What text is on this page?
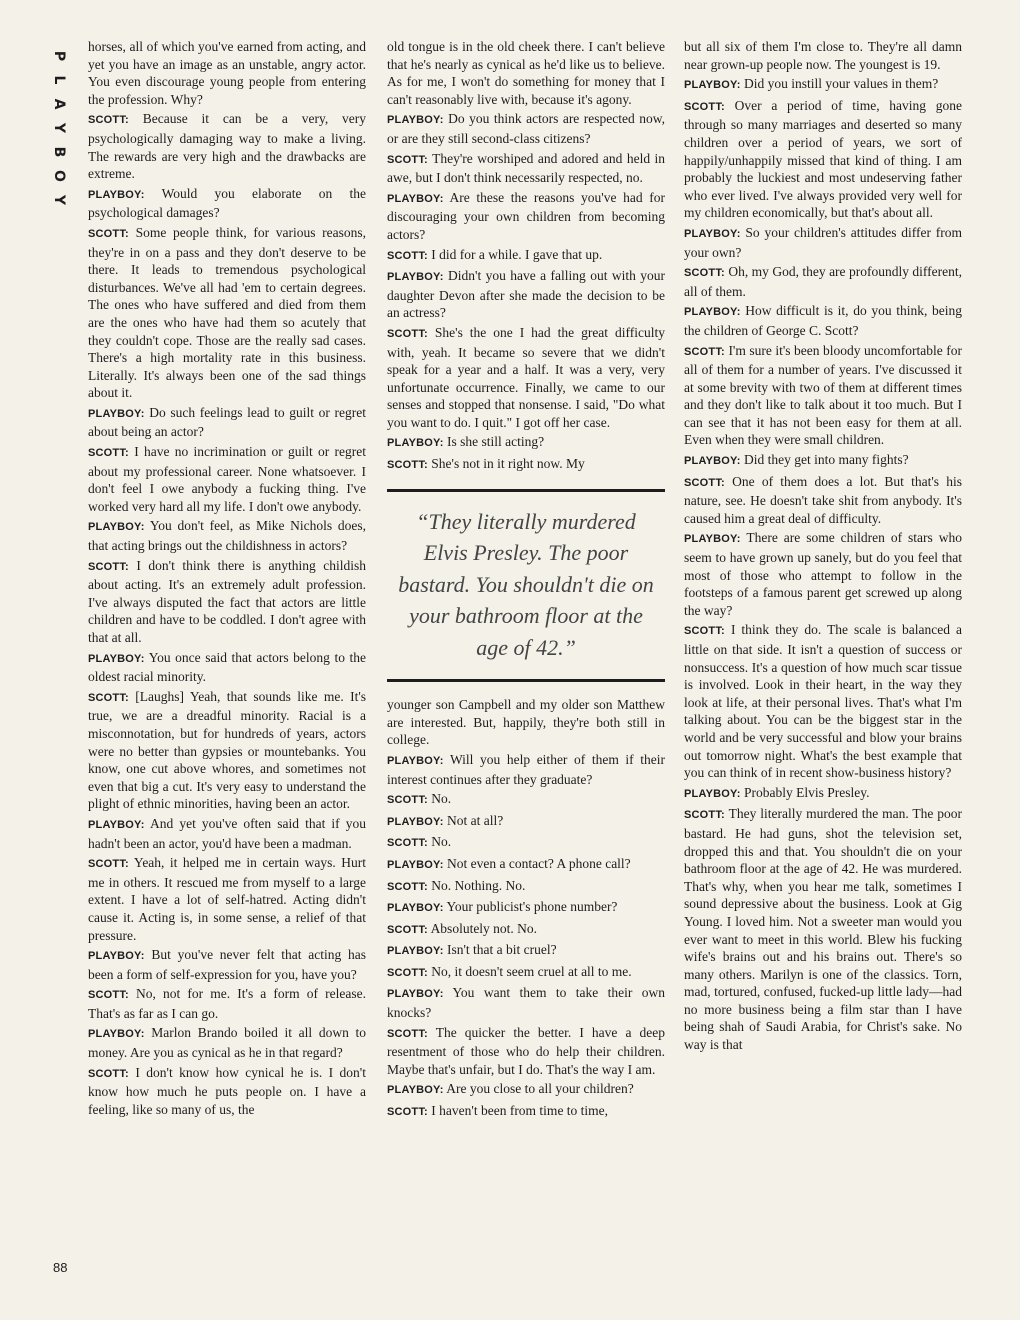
P
L
A
Y
B
O
Y

horses, all of which you've earned from acting, and yet you have an image as an unstable, angry actor. You even discourage young people from entering the profession. Why?

SCOTT: Because it can be a very, very psychologically damaging way to make a living. The rewards are very high and the drawbacks are extreme.

PLAYBOY: Would you elaborate on the psychological damages?

SCOTT: Some people think, for various reasons, they're in on a pass and they don't deserve to be there. It leads to tremendous psychological disturbances. We've all had 'em to certain degrees. The ones who have suffered and died from them are the ones who have had them so acutely that they couldn't cope. Those are the really sad cases. There's a high mortality rate in this business. Literally. It's always been one of the sad things about it.

PLAYBOY: Do such feelings lead to guilt or regret about being an actor?

SCOTT: I have no incrimination or guilt or regret about my professional career. None whatsoever. I don't feel I owe anybody a fucking thing. I've worked very hard all my life. I don't owe anybody.

PLAYBOY: You don't feel, as Mike Nichols does, that acting brings out the childishness in actors?

SCOTT: I don't think there is anything childish about acting. It's an extremely adult profession. I've always disputed the fact that actors are little children and have to be coddled. I don't agree with that at all.

PLAYBOY: You once said that actors belong to the oldest racial minority.

SCOTT: [Laughs] Yeah, that sounds like me. It's true, we are a dreadful minority. Racial is a misconnotation, but for hundreds of years, actors were no better than gypsies or mountebanks. You know, one cut above whores, and sometimes not even that big a cut. It's very easy to understand the plight of ethnic minorities, having been an actor.

PLAYBOY: And yet you've often said that if you hadn't been an actor, you'd have been a madman.

SCOTT: Yeah, it helped me in certain ways. Hurt me in others. It rescued me from myself to a large extent. I have a lot of self-hatred. Acting didn't cause it. Acting is, in some sense, a relief of that pressure.

PLAYBOY: But you've never felt that acting has been a form of self-expression for you, have you?

SCOTT: No, not for me. It's a form of release. That's as far as I can go.

PLAYBOY: Marlon Brando boiled it all down to money. Are you as cynical as he in that regard?

SCOTT: I don't know how cynical he is. I don't know how much he puts people on. I have a feeling, like so many of us, the

old tongue is in the old cheek there. I can't believe that he's nearly as cynical as he'd like us to believe. As for me, I won't do something for money that I can't reasonably live with, because it's agony.

PLAYBOY: Do you think actors are respected now, or are they still second-class citizens?

SCOTT: They're worshiped and adored and held in awe, but I don't think necessarily respected, no.

PLAYBOY: Are these the reasons you've had for discouraging your own children from becoming actors?

SCOTT: I did for a while. I gave that up.

PLAYBOY: Didn't you have a falling out with your daughter Devon after she made the decision to be an actress?

SCOTT: She's the one I had the great difficulty with, yeah. It became so severe that we didn't speak for a year and a half. It was a very, very unfortunate occurrence. Finally, we came to our senses and stopped that nonsense. I said, "Do what you want to do. I quit." I got off her case.

PLAYBOY: Is she still acting?

SCOTT: She's not in it right now. My

“They literally murdered Elvis Presley. The poor bastard. You shouldn't die on your bathroom floor at the age of 42.”

younger son Campbell and my older son Matthew are interested. But, happily, they're both still in college.

PLAYBOY: Will you help either of them if their interest continues after they graduate?

SCOTT: No.

PLAYBOY: Not at all?

SCOTT: No.

PLAYBOY: Not even a contact? A phone call?

SCOTT: No. Nothing. No.

PLAYBOY: Your publicist's phone number?

SCOTT: Absolutely not. No.

PLAYBOY: Isn't that a bit cruel?

SCOTT: No, it doesn't seem cruel at all to me.

PLAYBOY: You want them to take their own knocks?

SCOTT: The quicker the better. I have a deep resentment of those who do help their children. Maybe that's unfair, but I do. That's the way I am.

PLAYBOY: Are you close to all your children?

SCOTT: I haven't been from time to time,

but all six of them I'm close to. They're all damn near grown-up people now. The youngest is 19.

PLAYBOY: Did you instill your values in them?

SCOTT: Over a period of time, having gone through so many marriages and deserted so many children over a period of years, we sort of happily/unhappily missed that kind of thing. I am probably the luckiest and most undeserving father who ever lived. I've always provided very well for my children economically, but that's about all.

PLAYBOY: So your children's attitudes differ from your own?

SCOTT: Oh, my God, they are profoundly different, all of them.

PLAYBOY: How difficult is it, do you think, being the children of George C. Scott?

SCOTT: I'm sure it's been bloody uncomfortable for all of them for a number of years. I've discussed it at some brevity with two of them at different times and they don't like to talk about it too much. But I can see that it has not been easy for them at all. Even when they were small children.

PLAYBOY: Did they get into many fights?

SCOTT: One of them does a lot. But that's his nature, see. He doesn't take shit from anybody. It's caused him a great deal of difficulty.

PLAYBOY: There are some children of stars who seem to have grown up sanely, but do you feel that most of those who attempt to follow in the footsteps of a famous parent get screwed up along the way?

SCOTT: I think they do. The scale is balanced a little on that side. It isn't a question of success or nonsuccess. It's a question of how much scar tissue is involved. Look in their heart, in the way they look at life, at their personal lives. That's what I'm talking about. You can be the biggest star in the world and be very successful and blow your brains out tomorrow night. What's the best example that you can think of in recent show-business history?

PLAYBOY: Probably Elvis Presley.

SCOTT: They literally murdered the man. The poor bastard. He had guns, shot the television set, dropped this and that. You shouldn't die on your bathroom floor at the age of 42. He was murdered. That's why, when you hear me talk, sometimes I sound depressive about the business. Look at Gig Young. I loved him. Not a sweeter man would you ever want to meet in this world. Blew his fucking wife's brains out and his brains out. There's so many others. Marilyn is one of the classics. Torn, mad, tortured, confused, fucked-up little lady—had no more business being a film star than I have being shah of Saudi Arabia, for Christ's sake. No way is that

88
